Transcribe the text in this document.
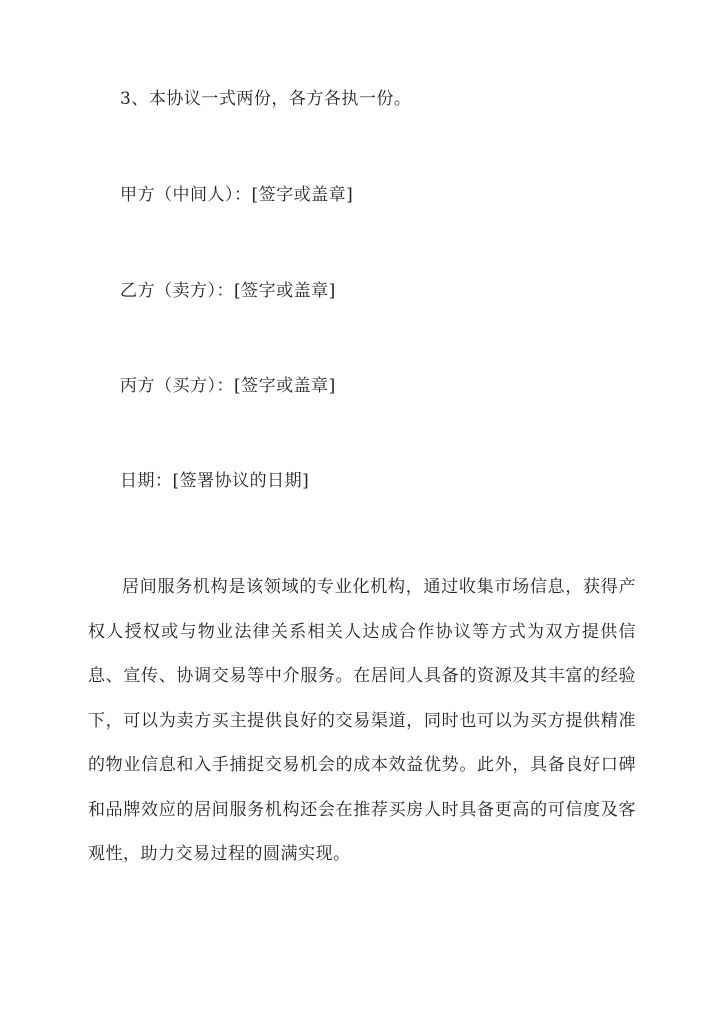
3、本协议一式两份，各方各执一份。
甲方（中间人）：[签字或盖章]
乙方（卖方）：[签字或盖章]
丙方（买方）：[签字或盖章]
日期：[签署协议的日期]
居间服务机构是该领域的专业化机构，通过收集市场信息，获得产权人授权或与物业法律关系相关人达成合作协议等方式为双方提供信息、宣传、协调交易等中介服务。在居间人具备的资源及其丰富的经验下，可以为卖方买主提供良好的交易渠道，同时也可以为买方提供精准的物业信息和入手捕捉交易机会的成本效益优势。此外，具备良好口碑和品牌效应的居间服务机构还会在推荐买房人时具备更高的可信度及客观性，助力交易过程的圆满实现。
